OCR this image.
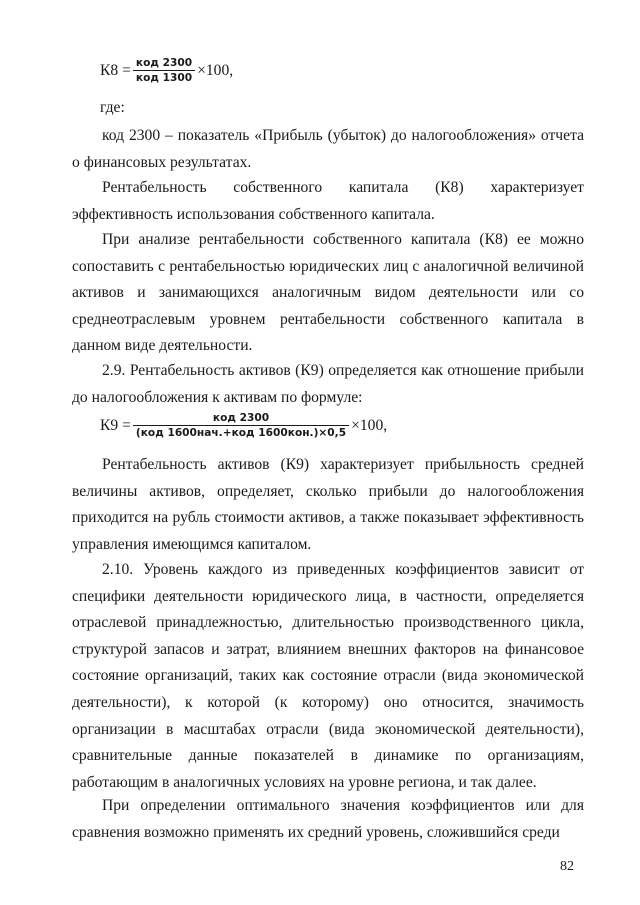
$К8 = \frac{\text{код 2300}}{\text{код 1300}} \times 100$,

где:

код 2300 – показатель «Прибыль (убыток) до налогообложения» отчета о финансовых результатах.

Рентабельность собственного капитала (К8) характеризует эффективность использования собственного капитала.

При анализе рентабельности собственного капитала (К8) ее можно сопоставить с рентабельностью юридических лиц с аналогичной величиной активов и занимающихся аналогичным видом деятельности или со среднеотраслевым уровнем рентабельности собственного капитала в данном виде деятельности.

2.9. Рентабельность активов (К9) определяется как отношение прибыли до налогообложения к активам по формуле:

$К9 = \frac{\text{код 2300}}{\text{(код 1600нач.+код 1600кон.)×0,5}} \times 100$,

Рентабельность активов (К9) характеризует прибыльность средней величины активов, определяет, сколько прибыли до налогообложения приходится на рубль стоимости активов, а также показывает эффективность управления имеющимся капиталом.

2.10. Уровень каждого из приведенных коэффициентов зависит от специфики деятельности юридического лица, в частности, определяется отраслевой принадлежностью, длительностью производственного цикла, структурой запасов и затрат, влиянием внешних факторов на финансовое состояние организаций, таких как состояние отрасли (вида экономической деятельности), к которой (к которому) оно относится, значимость организации в масштабах отрасли (вида экономической деятельности), сравнительные данные показателей в динамике по организациям, работающим в аналогичных условиях на уровне региона, и так далее.

При определении оптимального значения коэффициентов или для сравнения возможно применять их средний уровень, сложившийся среди

82
